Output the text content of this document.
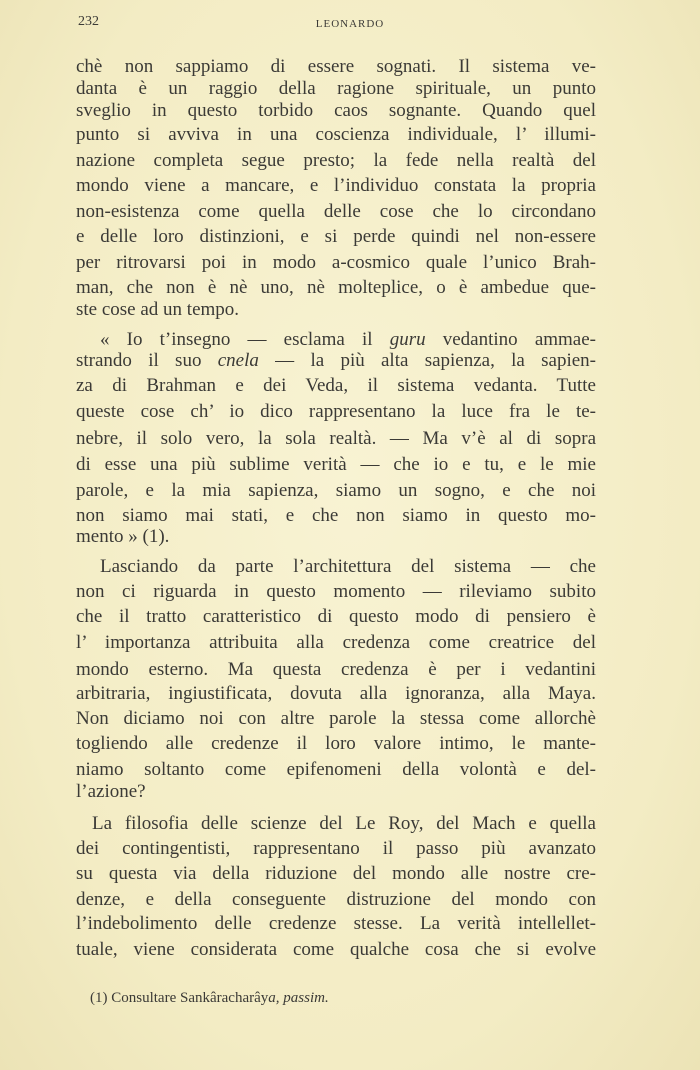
232	LEONARDO
chè non sappiamo di essere sognati. Il sistema ve-
danta è un raggio della ragione spirituale, un punto
sveglio in questo torbido caos sognante. Quando quel
punto si avviva in una coscienza individuale, l’ illumi-
nazione completa segue presto; la fede nella realtà del
mondo viene a mancare, e l’individuo constata la propria
non-esistenza come quella delle cose che lo circondano
e delle loro distinzioni, e si perde quindi nel non-essere
per ritrovarsi poi in modo a-cosmico quale l’unico Brah-
man, che non è nè uno, nè molteplice, o è ambedue que-
ste cose ad un tempo.
« Io t’insegno — esclama il guru vedantino ammae-
strando il suo cnela — la più alta sapienza, la sapien-
za di Brahman e dei Veda, il sistema vedanta. Tutte
queste cose ch’ io dico rappresentano la luce fra le te-
nebre, il solo vero, la sola realtà. — Ma v’è al di sopra
di esse una più sublime verità — che io e tu, e le mie
parole, e la mia sapienza, siamo un sogno, e che noi
non siamo mai stati, e che non siamo in questo mo-
mento » (1).
Lasciando da parte l’architettura del sistema — che
non ci riguarda in questo momento — rileviamo subito
che il tratto caratteristico di questo modo di pensiero è
l’ importanza attribuita alla credenza come creatrice del
mondo esterno. Ma questa credenza è per i vedantini
arbitraria, ingiustificata, dovuta alla ignoranza, alla Maya.
Non diciamo noi con altre parole la stessa come allorchè
togliendo alle credenze il loro valore intimo, le mante-
niamo soltanto come epifenomeni della volontà e del-
l’azione?
La filosofia delle scienze del Le Roy, del Mach e quella
dei contingentisti, rappresentano il passo più avanzato
su questa via della riduzione del mondo alle nostre cre-
denze, e della conseguente distruzione del mondo con
l’indebolimento delle credenze stesse. La verità intellellet-
tuale, viene considerata come qualche cosa che si evolve
(1) Consultare Sankâracharâya, passim.
